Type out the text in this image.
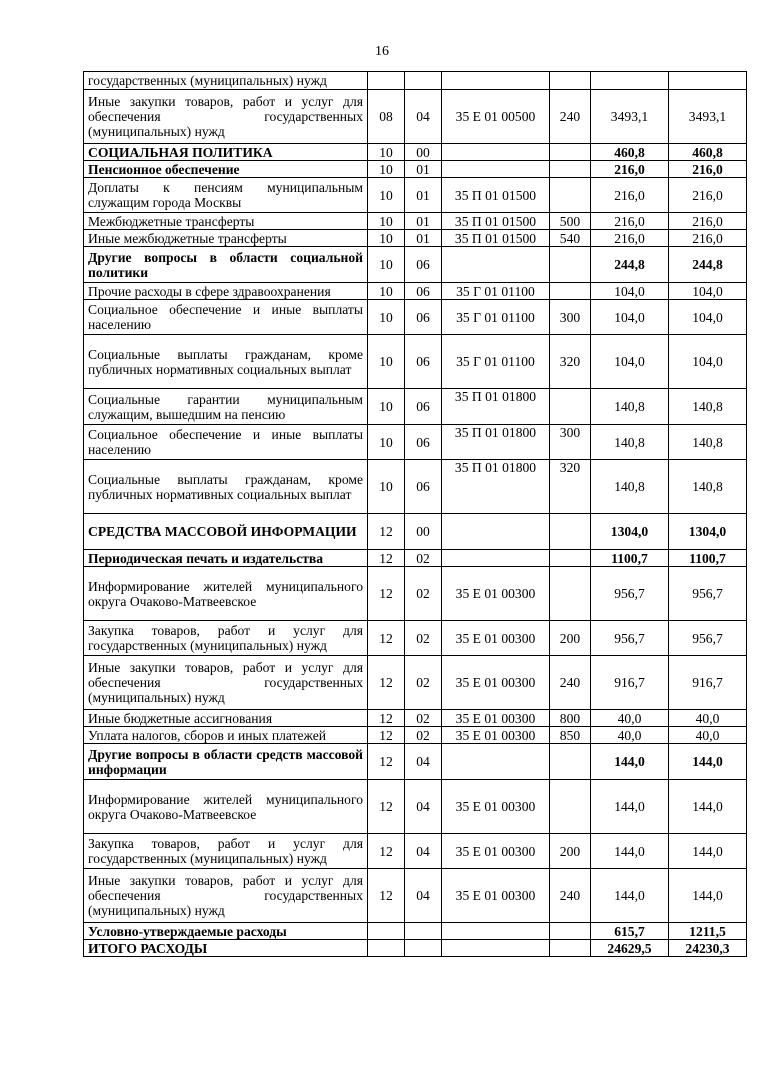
16
государственных (муниципальных) нужд						
Иные закупки товаров, работ и услуг для обеспечения государственных (муниципальных) нужд	08	04	35 Е 01 00500	240	3493,1	3493,1
СОЦИАЛЬНАЯ ПОЛИТИКА	10	00			460,8	460,8
Пенсионное обеспечение	10	01			216,0	216,0
Доплаты к пенсиям муниципальным служащим города Москвы	10	01	35 П 01 01500		216,0	216,0
Межбюджетные трансферты	10	01	35 П 01 01500	500	216,0	216,0
Иные межбюджетные трансферты	10	01	35 П 01 01500	540	216,0	216,0
Другие вопросы в области социальной политики	10	06			244,8	244,8
Прочие расходы в сфере здравоохранения	10	06	35 Г 01 01100		104,0	104,0
Социальное обеспечение и иные выплаты населению	10	06	35 Г 01 01100	300	104,0	104,0
Социальные выплаты гражданам, кроме публичных нормативных социальных выплат	10	06	35 Г 01 01100	320	104,0	104,0
Социальные гарантии муниципальным служащим, вышедшим на пенсию	10	06	35 П 01 01800		140,8	140,8
Социальное обеспечение и иные выплаты населению	10	06	35 П 01 01800	300	140,8	140,8
Социальные выплаты гражданам, кроме публичных нормативных социальных выплат	10	06	35 П 01 01800	320	140,8	140,8
СРЕДСТВА МАССОВОЙ ИНФОРМАЦИИ	12	00			1304,0	1304,0
Периодическая печать и издательства	12	02			1100,7	1100,7
Информирование жителей муниципального округа Очаково-Матвеевское	12	02	35 Е 01 00300		956,7	956,7
Закупка товаров, работ и услуг для государственных (муниципальных) нужд	12	02	35 Е 01 00300	200	956,7	956,7
Иные закупки товаров, работ и услуг для обеспечения государственных (муниципальных) нужд	12	02	35 Е 01 00300	240	916,7	916,7
Иные бюджетные ассигнования	12	02	35 Е 01 00300	800	40,0	40,0
Уплата налогов, сборов и иных платежей	12	02	35 Е 01 00300	850	40,0	40,0
Другие вопросы в области средств массовой информации	12	04			144,0	144,0
Информирование жителей муниципального округа Очаково-Матвеевское	12	04	35 Е 01 00300		144,0	144,0
Закупка товаров, работ и услуг для государственных (муниципальных) нужд	12	04	35 Е 01 00300	200	144,0	144,0
Иные закупки товаров, работ и услуг для обеспечения государственных (муниципальных) нужд	12	04	35 Е 01 00300	240	144,0	144,0
Условно-утверждаемые расходы					615,7	1211,5
ИТОГО РАСХОДЫ					24629,5	24230,3
